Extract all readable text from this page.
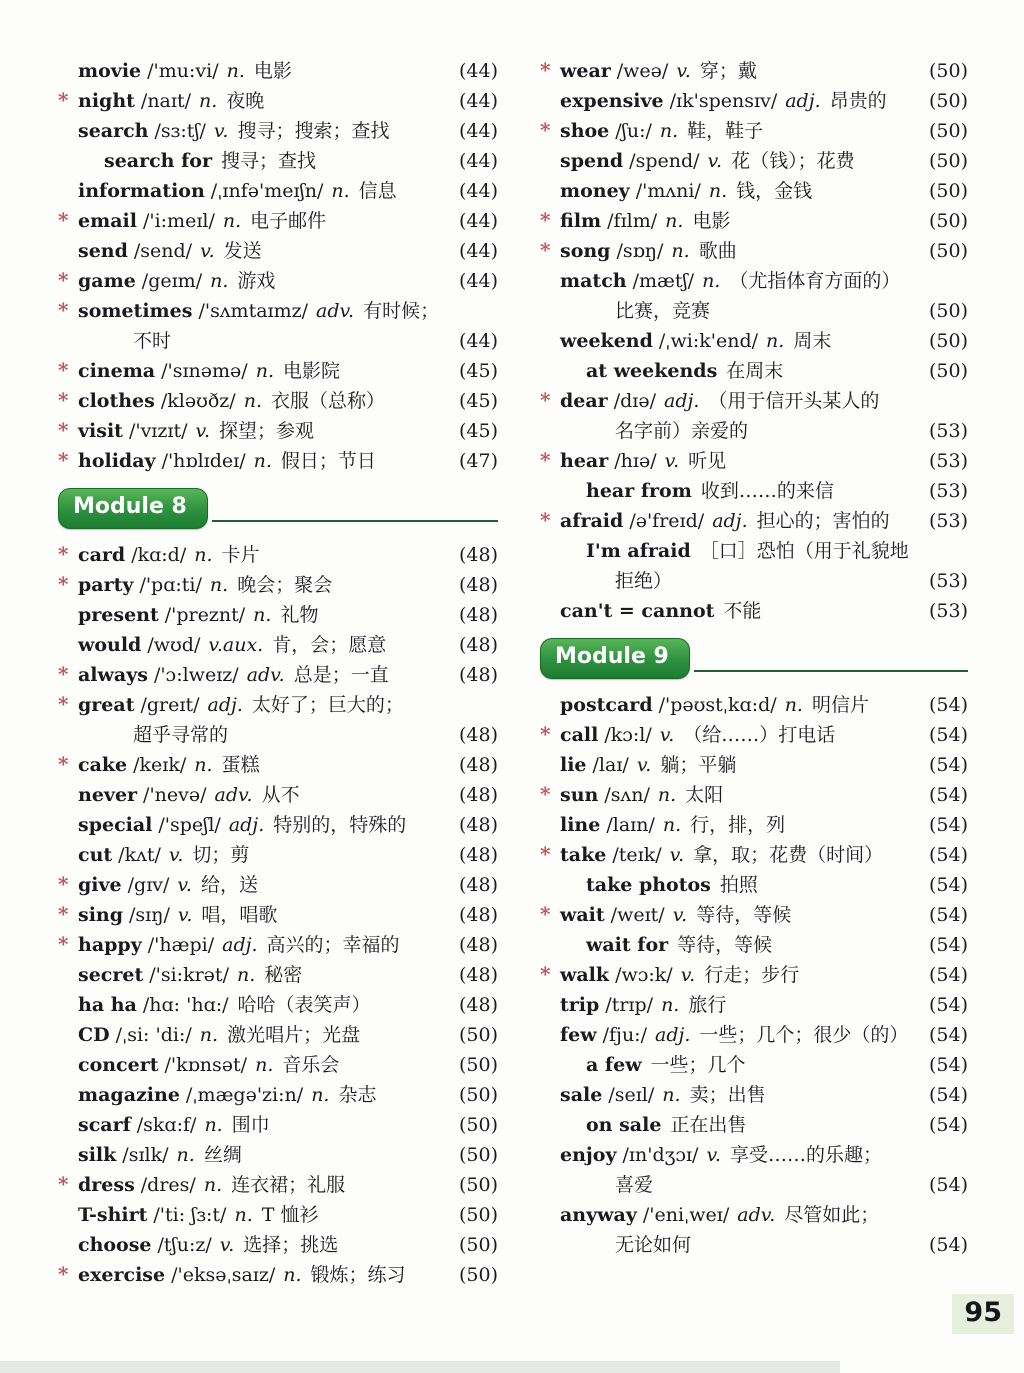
movie /'mu:vi/ n. 电影	(44)
* night /naɪt/ n. 夜晚	(44)
search /sɜ:tʃ/ v. 搜寻；搜索；查找	(44)
search for 搜寻；查找	(44)
information /ˌɪnfə'meɪʃn/ n. 信息	(44)
* email /'i:meɪl/ n. 电子邮件	(44)
send /send/ v. 发送	(44)
* game /geɪm/ n. 游戏	(44)
* sometimes /'sʌmtaɪmz/ adv. 有时候；
不时	(44)
* cinema /'sɪnəmə/ n. 电影院	(45)
* clothes /kləʊðz/ n. 衣服（总称）	(45)
* visit /'vɪzɪt/ v. 探望；参观	(45)
* holiday /'hɒlɪdeɪ/ n. 假日；节日	(47)
Module 8
* card /kɑ:d/ n. 卡片	(48)
* party /'pɑ:ti/ n. 晚会；聚会	(48)
present /'preznt/ n. 礼物	(48)
would /wʊd/ v.aux. 肯，会；愿意	(48)
* always /'ɔ:lweɪz/ adv. 总是；一直	(48)
* great /greɪt/ adj. 太好了；巨大的；
超乎寻常的	(48)
* cake /keɪk/ n. 蛋糕	(48)
never /'nevə/ adv. 从不	(48)
special /'speʃl/ adj. 特别的，特殊的	(48)
cut /kʌt/ v. 切；剪	(48)
* give /gɪv/ v. 给，送	(48)
* sing /sɪŋ/ v. 唱，唱歌	(48)
* happy /'hæpi/ adj. 高兴的；幸福的	(48)
secret /'si:krət/ n. 秘密	(48)
ha ha /hɑ: 'hɑ:/ 哈哈（表笑声）	(48)
CD /ˌsi: 'di:/ n. 激光唱片；光盘	(50)
concert /'kɒnsət/ n. 音乐会	(50)
magazine /ˌmægə'zi:n/ n. 杂志	(50)
scarf /skɑ:f/ n. 围巾	(50)
silk /sɪlk/ n. 丝绸	(50)
* dress /dres/ n. 连衣裙；礼服	(50)
T-shirt /'ti: ʃɜ:t/ n. T 恤衫	(50)
choose /tʃu:z/ v. 选择；挑选	(50)
* exercise /'eksəˌsaɪz/ n. 锻炼；练习	(50)
* wear /weə/ v. 穿；戴	(50)
expensive /ɪk'spensɪv/ adj. 昂贵的	(50)
* shoe /ʃu:/ n. 鞋，鞋子	(50)
spend /spend/ v. 花（钱）；花费	(50)
money /'mʌni/ n. 钱，金钱	(50)
* film /fɪlm/ n. 电影	(50)
* song /sɒŋ/ n. 歌曲	(50)
match /mætʃ/ n. （尤指体育方面的）
比赛，竞赛	(50)
weekend /ˌwi:k'end/ n. 周末	(50)
at weekends 在周末	(50)
* dear /dɪə/ adj. （用于信开头某人的
名字前）亲爱的	(53)
* hear /hɪə/ v. 听见	(53)
hear from 收到……的来信	(53)
* afraid /ə'freɪd/ adj. 担心的；害怕的	(53)
I'm afraid ［口］恐怕（用于礼貌地
拒绝）	(53)
can't = cannot 不能	(53)
Module 9
postcard /'pəʊstˌkɑ:d/ n. 明信片	(54)
* call /kɔ:l/ v. （给……）打电话	(54)
lie /laɪ/ v. 躺；平躺	(54)
* sun /sʌn/ n. 太阳	(54)
line /laɪn/ n. 行，排，列	(54)
* take /teɪk/ v. 拿，取；花费（时间）	(54)
take photos 拍照	(54)
* wait /weɪt/ v. 等待，等候	(54)
wait for 等待，等候	(54)
* walk /wɔ:k/ v. 行走；步行	(54)
trip /trɪp/ n. 旅行	(54)
few /fju:/ adj. 一些；几个；很少（的）	(54)
a few 一些；几个	(54)
sale /seɪl/ n. 卖；出售	(54)
on sale 正在出售	(54)
enjoy /ɪn'dʒɔɪ/ v. 享受……的乐趣；
喜爱	(54)
anyway /'eniˌweɪ/ adv. 尽管如此；
无论如何	(54)
95
